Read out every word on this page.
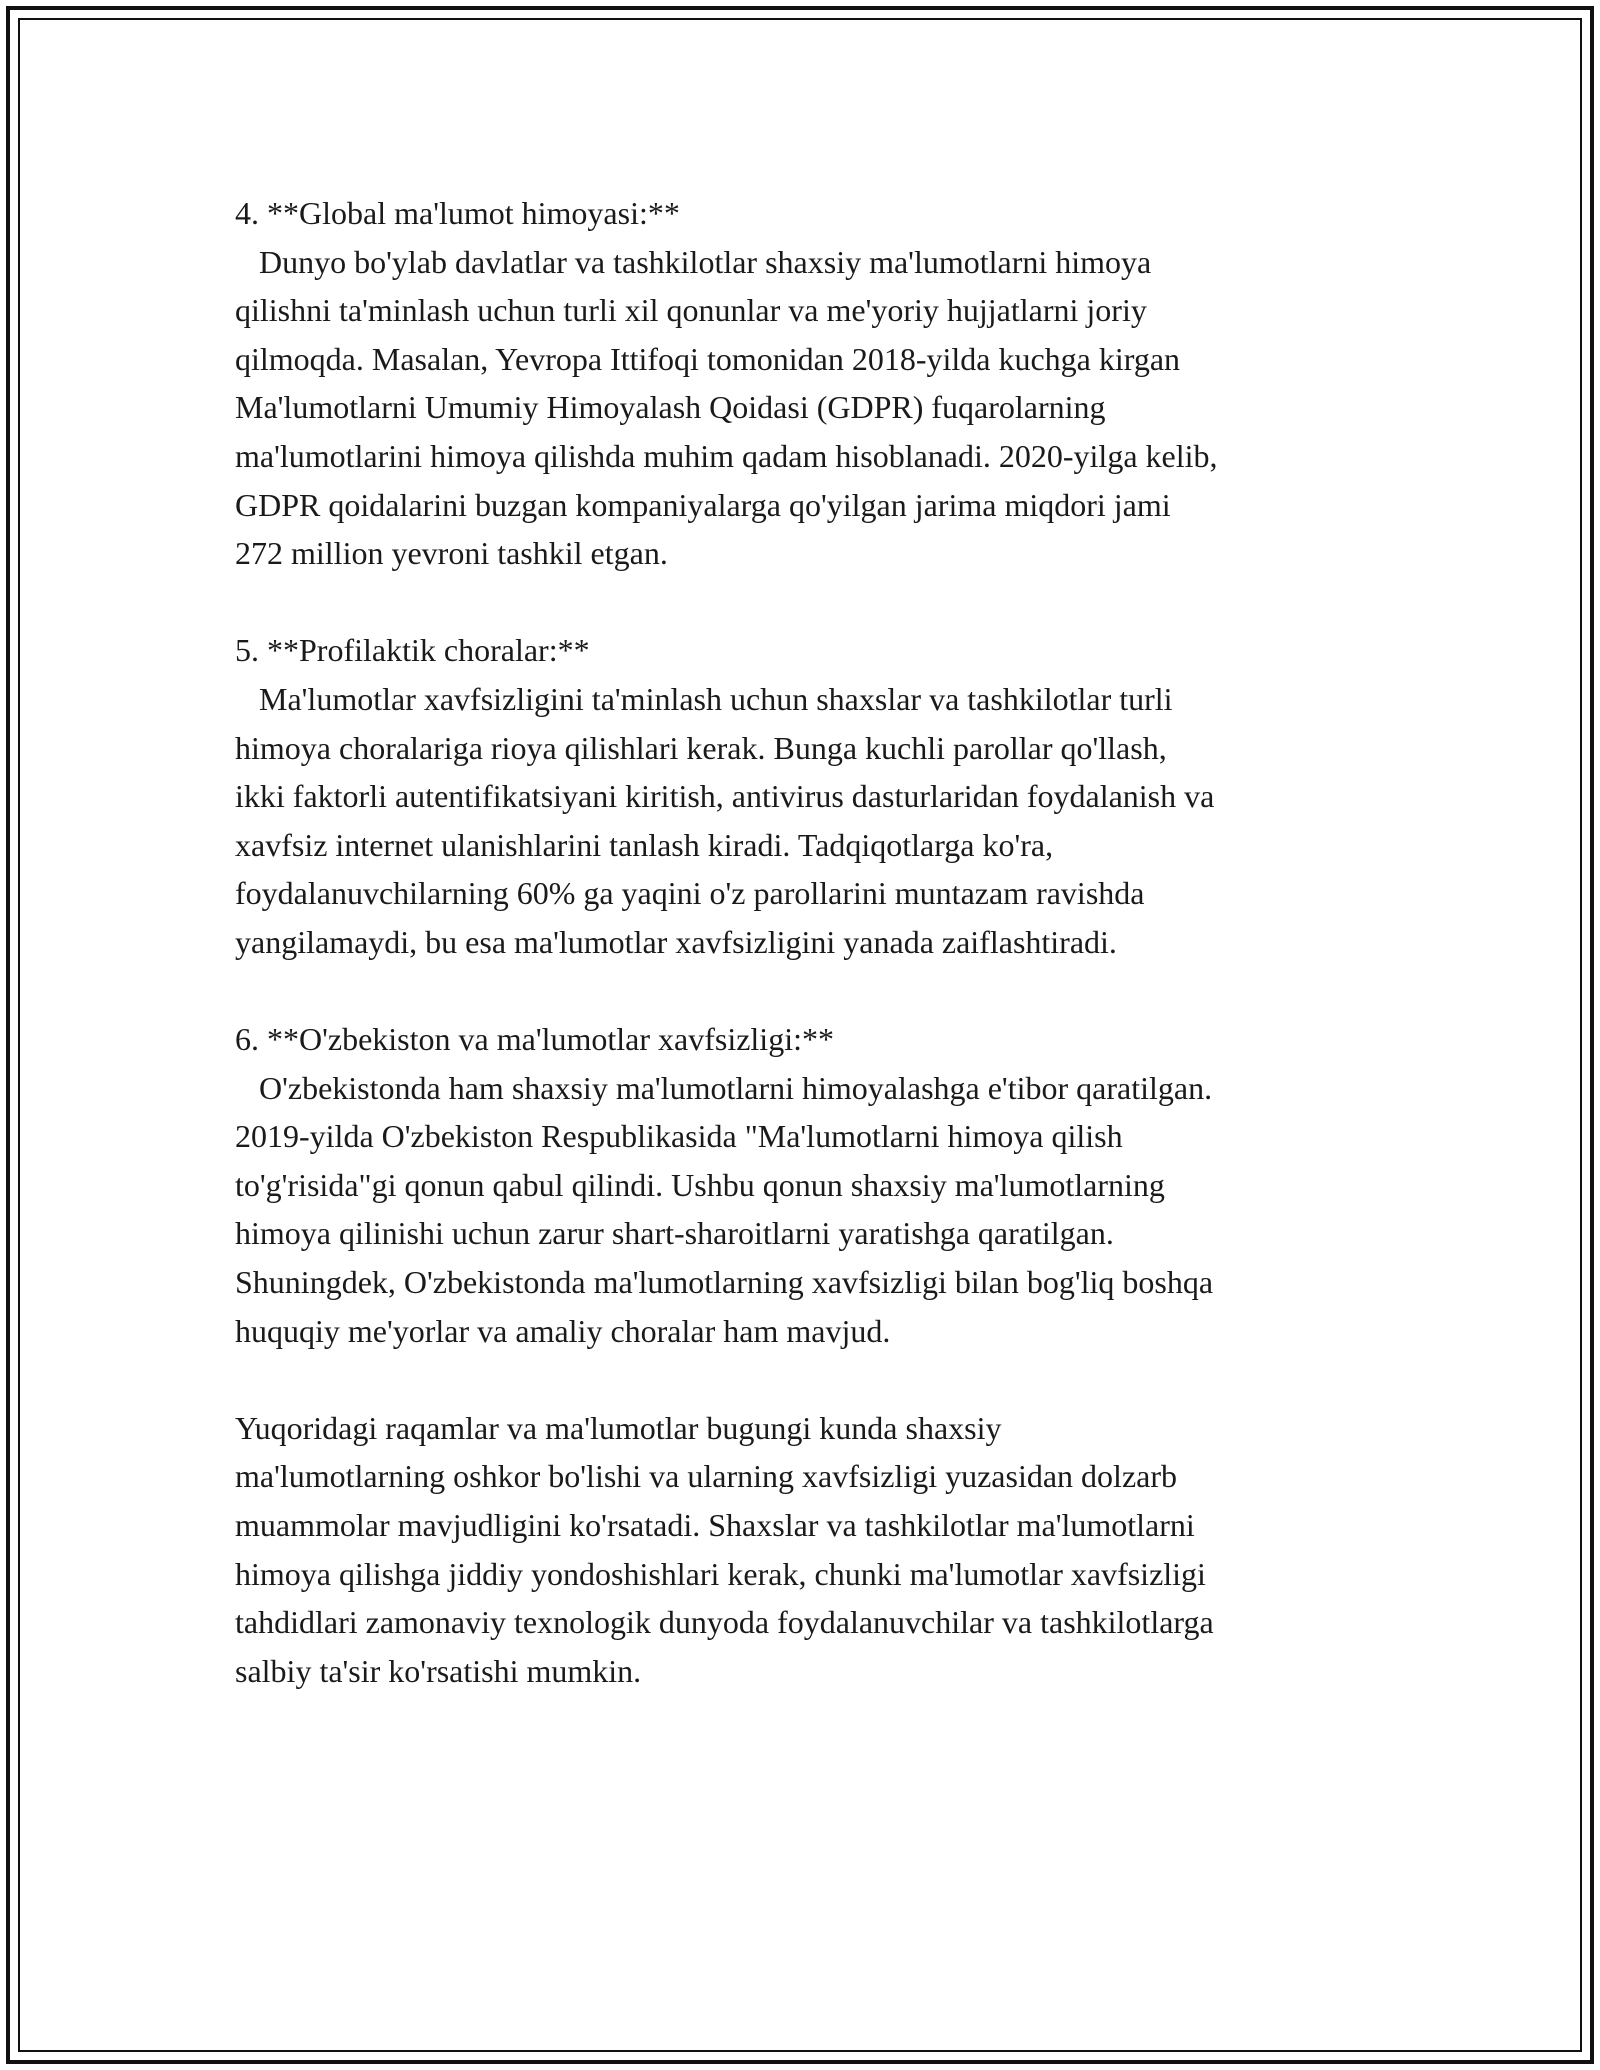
4. **Global ma'lumot himoyasi:**
Dunyo bo'ylab davlatlar va tashkilotlar shaxsiy ma'lumotlarni himoya
qilishni ta'minlash uchun turli xil qonunlar va me'yoriy hujjatlarni joriy
qilmoqda. Masalan, Yevropa Ittifoqi tomonidan 2018-yilda kuchga kirgan
Ma'lumotlarni Umumiy Himoyalash Qoidasi (GDPR) fuqarolarning
ma'lumotlarini himoya qilishda muhim qadam hisoblanadi. 2020-yilga kelib,
GDPR qoidalarini buzgan kompaniyalarga qo'yilgan jarima miqdori jami
272 million yevroni tashkil etgan.
5. **Profilaktik choralar:**
Ma'lumotlar xavfsizligini ta'minlash uchun shaxslar va tashkilotlar turli
himoya choralariga rioya qilishlari kerak. Bunga kuchli parollar qo'llash,
ikki faktorli autentifikatsiyani kiritish, antivirus dasturlaridan foydalanish va
xavfsiz internet ulanishlarini tanlash kiradi. Tadqiqotlarga ko'ra,
foydalanuvchilarning 60% ga yaqini o'z parollarini muntazam ravishda
yangilamaydi, bu esa ma'lumotlar xavfsizligini yanada zaiflashtiradi.
6. **O'zbekiston va ma'lumotlar xavfsizligi:**
O'zbekistonda ham shaxsiy ma'lumotlarni himoyalashga e'tibor qaratilgan.
2019-yilda O'zbekiston Respublikasida "Ma'lumotlarni himoya qilish
to'g'risida"gi qonun qabul qilindi. Ushbu qonun shaxsiy ma'lumotlarning
himoya qilinishi uchun zarur shart-sharoitlarni yaratishga qaratilgan.
Shuningdek, O'zbekistonda ma'lumotlarning xavfsizligi bilan bog'liq boshqa
huquqiy me'yorlar va amaliy choralar ham mavjud.
Yuqoridagi raqamlar va ma'lumotlar bugungi kunda shaxsiy
ma'lumotlarning oshkor bo'lishi va ularning xavfsizligi yuzasidan dolzarb
muammolar mavjudligini ko'rsatadi. Shaxslar va tashkilotlar ma'lumotlarni
himoya qilishga jiddiy yondoshishlari kerak, chunki ma'lumotlar xavfsizligi
tahdidlari zamonaviy texnologik dunyoda foydalanuvchilar va tashkilotlarga
salbiy ta'sir ko'rsatishi mumkin.
